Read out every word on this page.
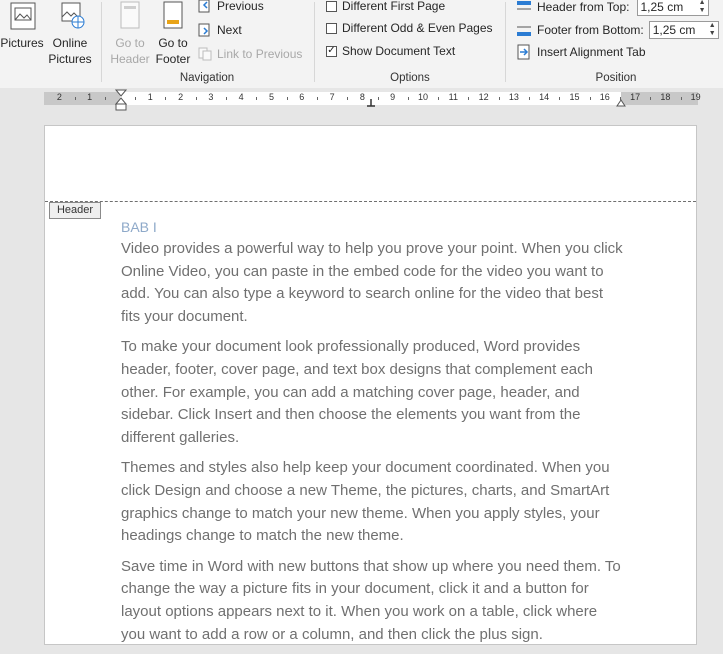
Pictures Online Pictures
Go to Header
Go to Footer
Previous
Next
Link to Previous
Navigation
Different First Page
Different Odd & Even Pages
✓ Show Document Text
Options
Header from Top: 1,25 cm ▲
▼
Footer from Bottom: 1,25 cm ▲
▼
Insert Alignment Tab
Position
2	1	1	2	3	4	5	6	7	8	9	10 11 12 13 14 15 16 17 18 19
Header
BAB I

Video provides a powerful way to help you prove your point. When you click Online Video, you can paste in the embed code for the video you want to add. You can also type a keyword to search online for the video that best fits your document.

To make your document look professionally produced, Word provides header, footer, cover page, and text box designs that complement each other. For example, you can add a matching cover page, header, and sidebar. Click Insert and then choose the elements you want from the different galleries.

Themes and styles also help keep your document coordinated. When you click Design and choose a new Theme, the pictures, charts, and SmartArt graphics change to match your new theme. When you apply styles, your headings change to match the new theme.

Save time in Word with new buttons that show up where you need them. To change the way a picture fits in your document, click it and a button for layout options appears next to it. When you work on a table, click where you want to add a row or a column, and then click the plus sign.
